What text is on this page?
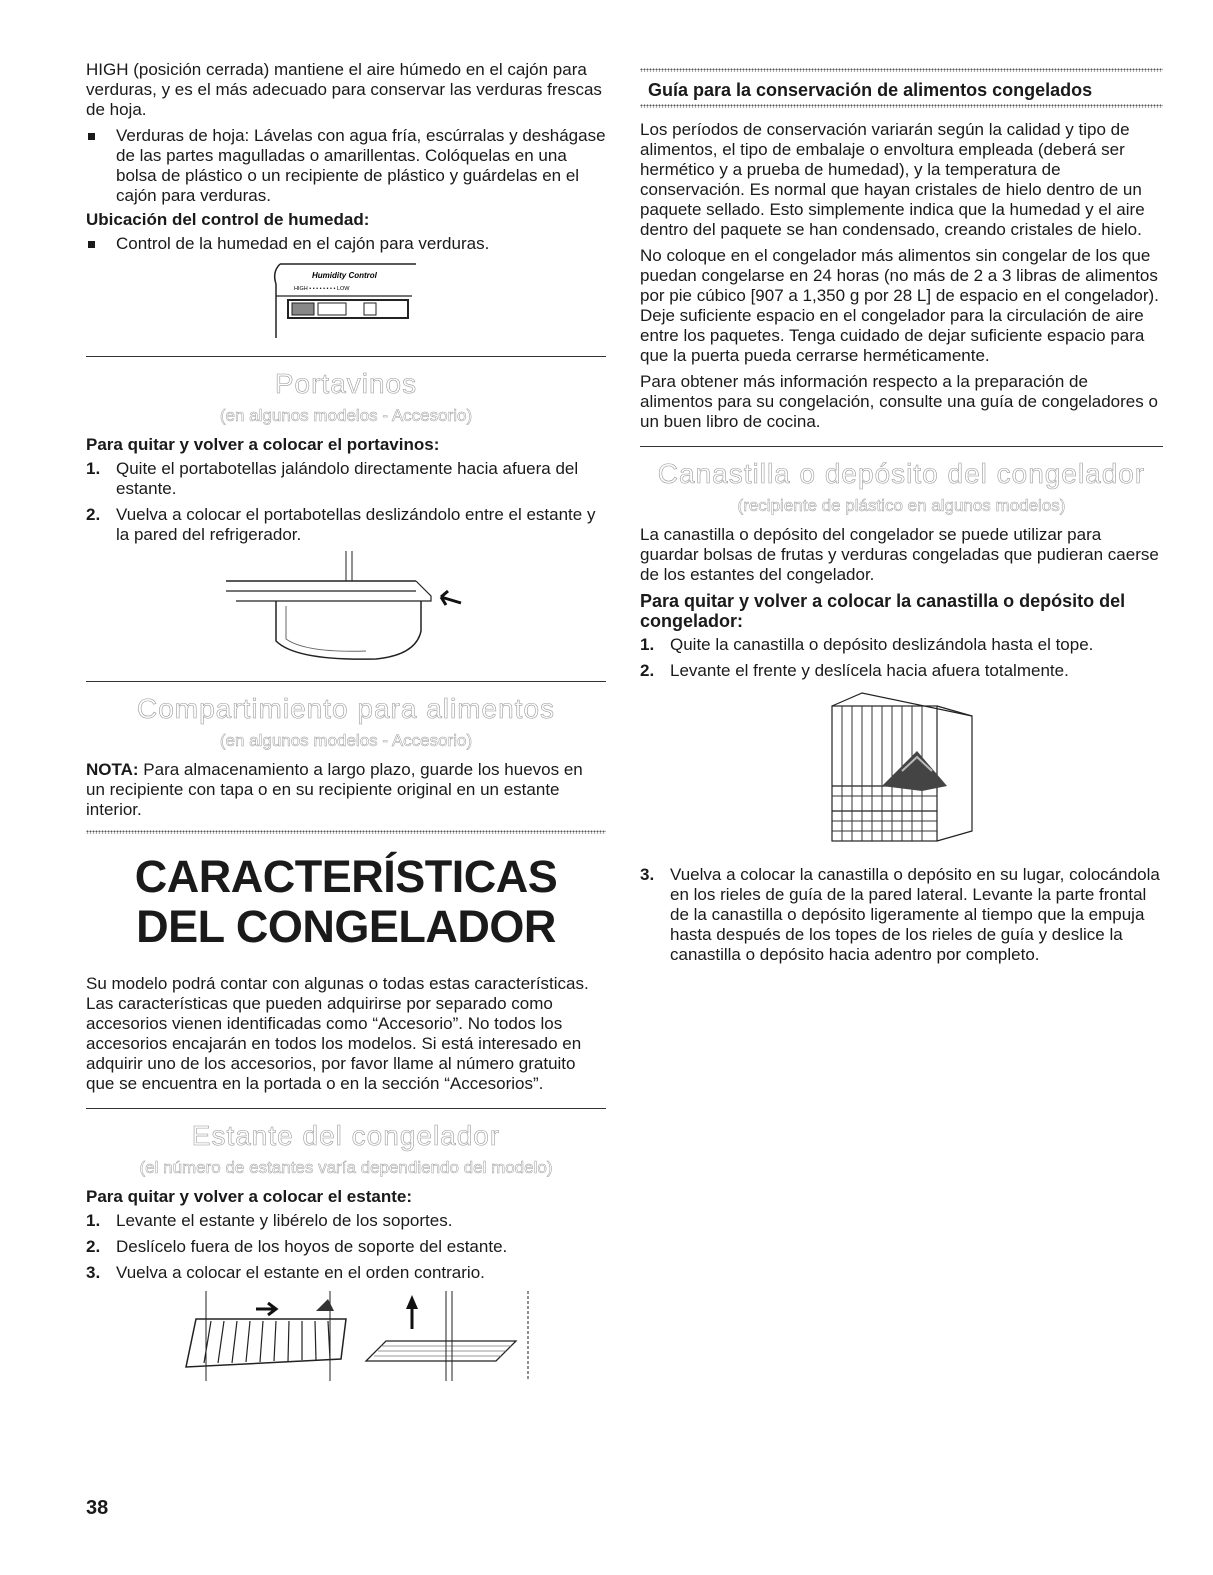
HIGH (posición cerrada) mantiene el aire húmedo en el cajón para verduras, y es el más adecuado para conservar las verduras frescas de hoja.

Verduras de hoja: Lávelas con agua fría, escúrralas y deshágase de las partes magulladas o amarillentas. Colóquelas en una bolsa de plástico o un recipiente de plástico y guárdelas en el cajón para verduras.
Ubicación del control de humedad:
Control de la humedad en el cajón para verduras.
Humidity Control
HIGH • • • • • • • • LOW
Portavinos
(en algunos modelos - Accesorio)
Para quitar y volver a colocar el portavinos:
1. Quite el portabotellas jalándolo directamente hacia afuera del estante.
2. Vuelva a colocar el portabotellas deslizándolo entre el estante y la pared del refrigerador.
Compartimiento para alimentos
(en algunos modelos - Accesorio)

NOTA: Para almacenamiento a largo plazo, guarde los huevos en un recipiente con tapa o en su recipiente original en un estante interior.

CARACTERÍSTICAS
DEL CONGELADOR

Su modelo podrá contar con algunas o todas estas características. Las características que pueden adquirirse por separado como accesorios vienen identificadas como “Accesorio”. No todos los accesorios encajarán en todos los modelos. Si está interesado en adquirir uno de los accesorios, por favor llame al número gratuito que se encuentra en la portada o en la sección “Accesorios”.

Estante del congelador
(el número de estantes varía dependiendo del modelo)
Para quitar y volver a colocar el estante:
1. Levante el estante y libérelo de los soportes.
2. Deslícelo fuera de los hoyos de soporte del estante.
3. Vuelva a colocar el estante en el orden contrario.
Guía para la conservación de alimentos congelados

Los períodos de conservación variarán según la calidad y tipo de alimentos, el tipo de embalaje o envoltura empleada (deberá ser hermético y a prueba de humedad), y la temperatura de conservación. Es normal que hayan cristales de hielo dentro de un paquete sellado. Esto simplemente indica que la humedad y el aire dentro del paquete se han condensado, creando cristales de hielo.

No coloque en el congelador más alimentos sin congelar de los que puedan congelarse en 24 horas (no más de 2 a 3 libras de alimentos por pie cúbico [907 a 1,350 g por 28 L] de espacio en el congelador). Deje suficiente espacio en el congelador para la circulación de aire entre los paquetes. Tenga cuidado de dejar suficiente espacio para que la puerta pueda cerrarse herméticamente.

Para obtener más información respecto a la preparación de alimentos para su congelación, consulte una guía de congeladores o un buen libro de cocina.

Canastilla o depósito del congelador
(recipiente de plástico en algunos modelos)

La canastilla o depósito del congelador se puede utilizar para guardar bolsas de frutas y verduras congeladas que pudieran caerse de los estantes del congelador.

Para quitar y volver a colocar la canastilla o depósito del congelador:
1. Quite la canastilla o depósito deslizándola hasta el tope.
2. Levante el frente y deslícela hacia afuera totalmente.
3. Vuelva a colocar la canastilla o depósito en su lugar, colocándola en los rieles de guía de la pared lateral. Levante la parte frontal de la canastilla o depósito ligeramente al tiempo que la empuja hasta después de los topes de los rieles de guía y deslice la canastilla o depósito hacia adentro por completo.
38
